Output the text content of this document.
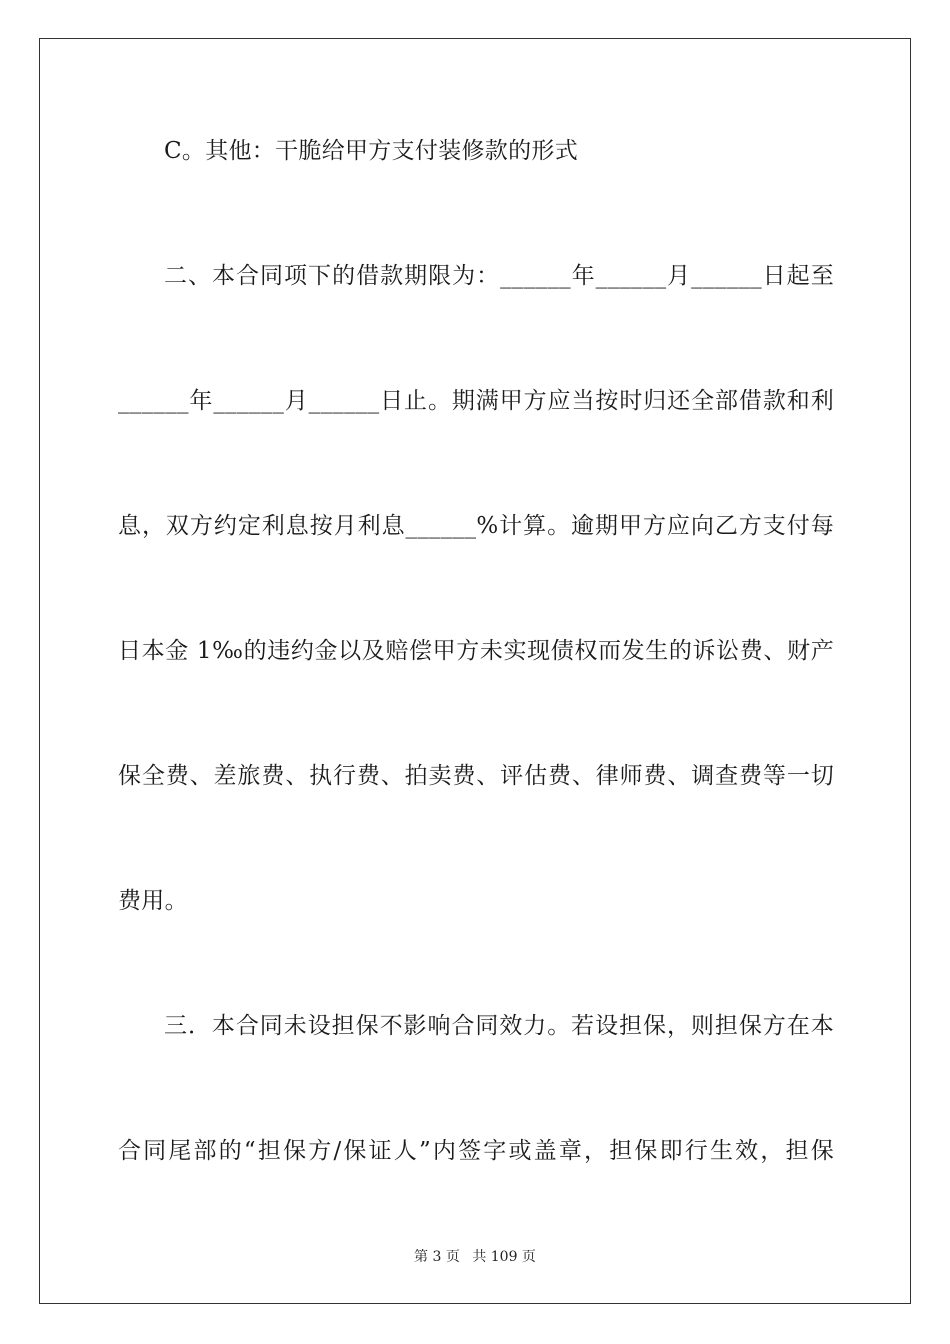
C。其他：干脆给甲方支付装修款的形式
二、本合同项下的借款期限为：______年______月______日起至
______年______月______日止。期满甲方应当按时归还全部借款和利
息，双方约定利息按月利息______%计算。逾期甲方应向乙方支付每
日本金 1‰的违约金以及赔偿甲方未实现债权而发生的诉讼费、财产
保全费、差旅费、执行费、拍卖费、评估费、律师费、调查费等一切
费用。
三．本合同未设担保不影响合同效力。若设担保，则担保方在本
合同尾部的“担保方/保证人”内签字或盖章，担保即行生效，担保
第 3 页 共 109 页
